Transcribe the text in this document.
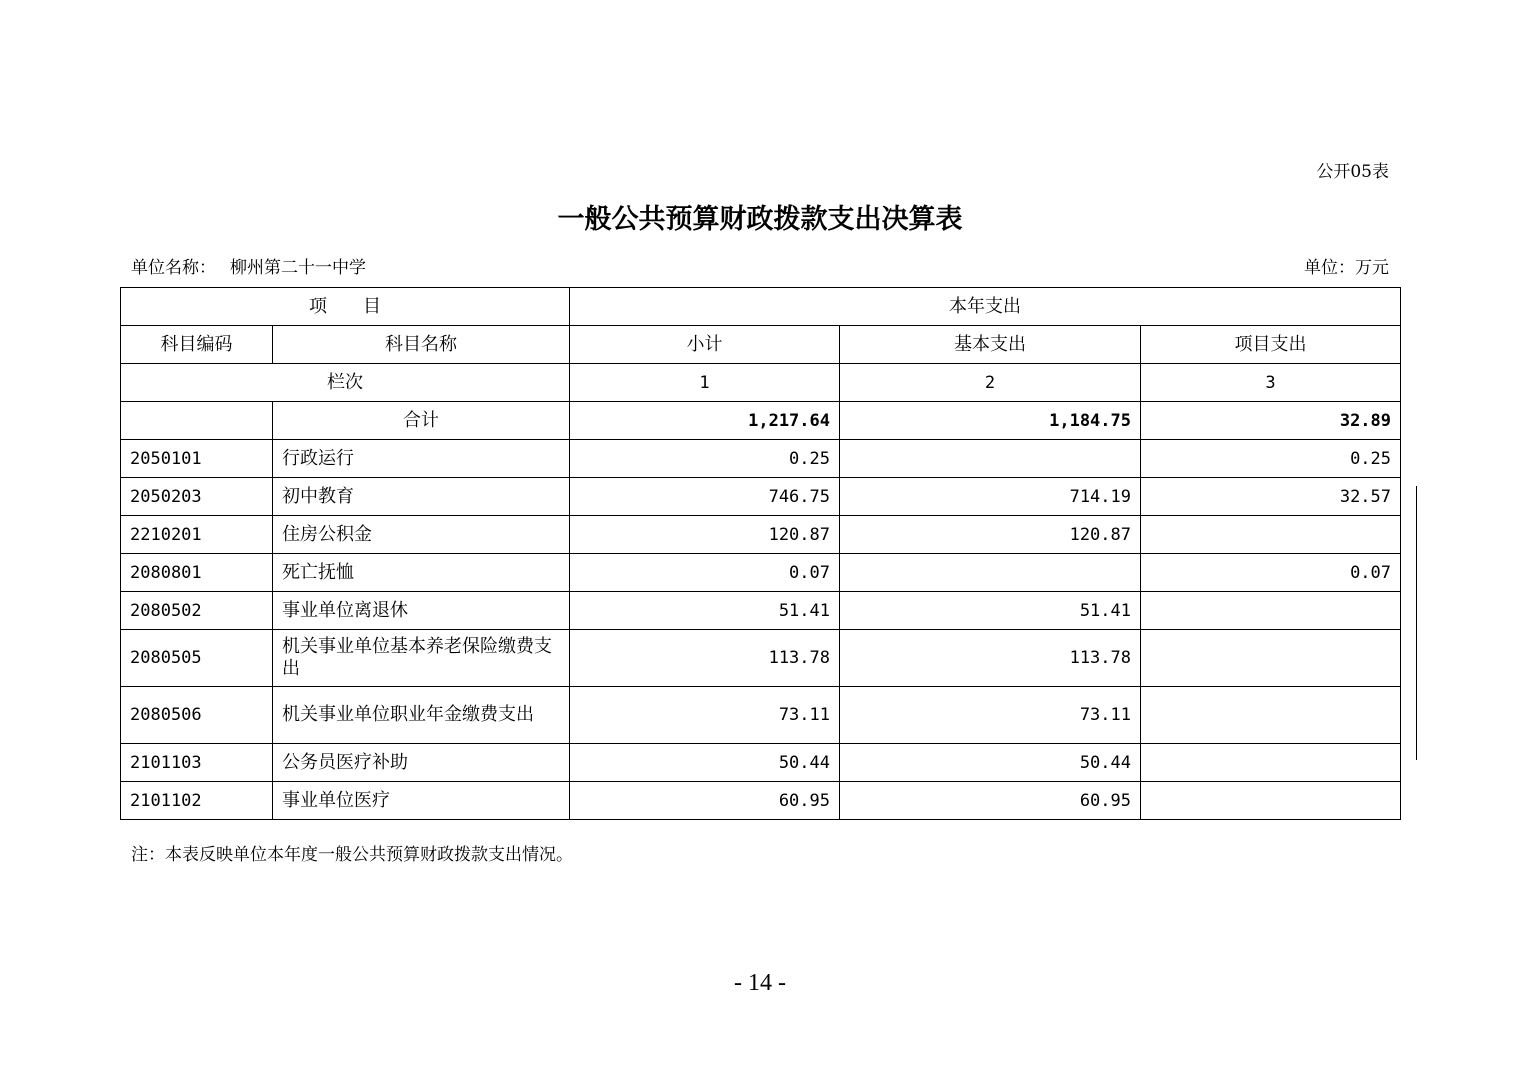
公开05表
一般公共预算财政拨款支出决算表
单位名称： 柳州第二十一中学	单位：万元
项　　目		本年支出		
科目编码	科目名称	小计	基本支出	项目支出
栏次		1	2	3
	合计	1,217.64	1,184.75	32.89
2050101	行政运行	0.25		0.25
2050203	初中教育	746.75	714.19	32.57
2210201	住房公积金	120.87	120.87	
2080801	死亡抚恤	0.07		0.07
2080502	事业单位离退休	51.41	51.41	
2080505	机关事业单位基本养老保险缴费支出	113.78	113.78	
2080506	机关事业单位职业年金缴费支出	73.11	73.11	
2101103	公务员医疗补助	50.44	50.44	
2101102	事业单位医疗	60.95	60.95	
注：本表反映单位本年度一般公共预算财政拨款支出情况。
- 14 -
